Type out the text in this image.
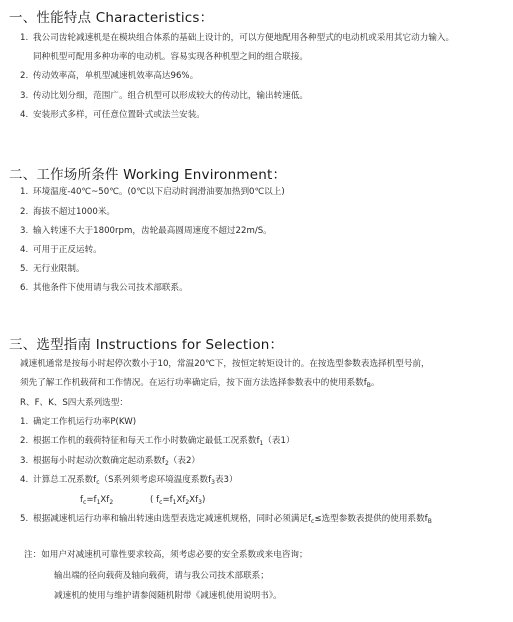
一、性能特点 Characteristics：
1. 我公司齿轮减速机是在模块组合体系的基础上设计的，可以方便地配用各种型式的电动机或采用其它动力输入。
同种机型可配用多种功率的电动机。容易实现各种机型之间的组合联接。
2. 传动效率高，单机型减速机效率高达96%。
3. 传动比划分细，范围广。组合机型可以形成较大的传动比，输出转速低。
4. 安装形式多样，可任意位置卧式或法兰安装。
二、工作场所条件 Working Environment：
1. 环境温度-40℃~50℃。(0℃以下启动时润滑油要加热到0℃以上)
2. 海拔不超过1000米。
3. 输入转速不大于1800rpm，齿轮最高圆周速度不超过22m/S。
4. 可用于正反运转。
5. 无行业限制。
6. 其他条件下使用请与我公司技术部联系。
三、选型指南 Instructions for Selection：
减速机通常是按每小时起停次数小于10，常温20℃下，按恒定转矩设计的。在按选型参数表选择机型号前，
须先了解工作机载荷和工作情况。在运行功率确定后，按下面方法选择参数表中的使用系数$f_B$。
R、F、K、S四大系列选型：
1. 确定工作机运行功率P(KW)
2. 根据工作机的载荷特征和每天工作小时数确定最低工况系数$f_1$（表1）
3. 根据每小时起动次数确定起动系数$f_2$（表2）
4. 计算总工况系数$f_c(S$系列须考虑环境温度系数$f_3$表3）
$f_c=f_1Xf_2$	( $f_c=f_1Xf_2Xf_3$)
5. 根据减速机运行功率和输出转速由选型表选定减速机规格，同时必须满足$f_c\le$选型参数表提供的使用系数$f_B$
注：如用户对减速机可靠性要求较高，须考虑必要的安全系数或来电咨询；
输出端的径向载荷及轴向载荷，请与我公司技术部联系；
减速机的使用与维护请参阅随机附带《减速机使用说明书》。
